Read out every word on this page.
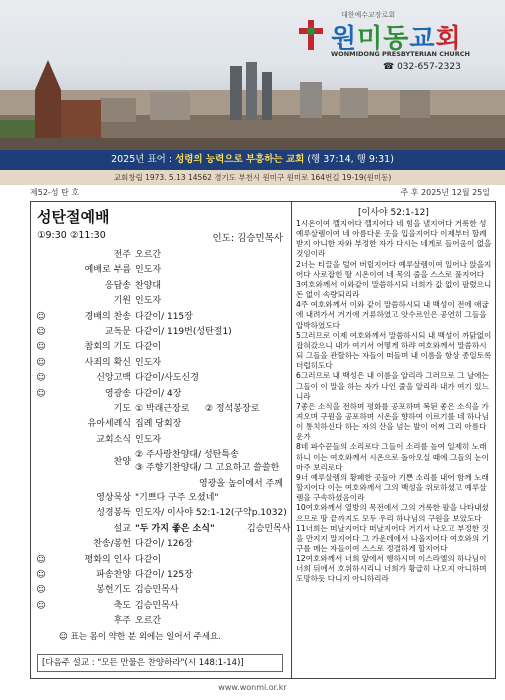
대한예수교장로회
원미동교회
WONMIDONG PRESBYTERIAN CHURCH
☎ 032-657-2323
2025년 표어 : 성령의 능력으로 부흥하는 교회 (행 37:14, 행 9:31)
교회창립 1973. 5.13 14562 경기도 부천시 원미구 원미로 164번길 19-19(원미동)
제52-성 탄 호	주 후 2025년 12월 25일
성탄절예배
①9:30 ②11:30	인도: 김승민목사
전주 오르간
예배로 부름 인도자
응답송 찬양대
기원 인도자
☺	경배의 찬송 다같이/ 115장
☺	교독문 다같이/ 119번(성탄절1)
☺	참회의 기도 다같이
☺	사죄의 확신 인도자
☺	신앙고백 다같이/사도신경
☺	영광송 다같이/ 4장
기도 ① 박래근장로 ② 정석봉장로
유아세례식 집례 당회장
교회소식 인도자
찬양
② 주사랑찬양대/ 성탄특송
③ 주향기찬양대/ 그 고요하고 쓸쓸한
영광을 높이에서 주께
영상묵상 "기쁘다 구주 오셨네"
성경봉독 인도자/ 이사야 52:1-12(구약p.1032)
설교 "두 가지 좋은 소식"	김승민목사
찬송/봉헌 다같이/ 126장
☺	평화의 인사 다같이
☺	파송찬양 다같이/ 125장
☺	봉헌기도 김승민목사
☺	축도 김승민목사
후주 오르간
☺ 표는 몸이 약한 분 외에는 일어서 주세요.
[다음주 설교 : "모든 만물은 찬양하라"(시 148:1-14)]
[이사야 52:1-12]

1시온이여 깰지어다 깰지어다 네 힘을 낼지어다 거룩한 성 예루살렘이여 네 아름다운 옷을 입을지어다 이제부터 할례 받지 아니한 자와 부정한 자가 다시는 네게로 들어옴이 없을 것임이라

2너는 티끌을 털어 버릴지어다 예루살렘이여 일어나 앉을지어다 사로잡힌 딸 시온이여 네 목의 줄을 스스로 풀지어다

3여호와께서 이와같이 말씀하시되 너희가 값 없이 팔렸으니 돈 없이 속량되리라

4주 여호와께서 이와 같이 말씀하시되 내 백성이 전에 애굽에 내려가서 거기에 거류하였고 앗수르인은 공연히 그들을 압박하였도다

5그러므로 이제 여호와께서 말씀하시되 내 백성이 까닭없이 잡혀갔으니 내가 여기서 어떻게 하랴 여호와께서 말씀하시되 그들을 관할하는 자들이 떠들며 내 이름을 항상 종일토록 더럽히도다

6그러므로 내 백성은 내 이름을 알리라 그러므로 그 날에는 그들이 이 말을 하는 자가 나인 줄을 알리라 내가 여기 있느니라

7좋은 소식을 전하며 평화를 공포하며 복된 좋은 소식을 가져오며 구원을 공포하며 시온을 향하여 이르기를 네 하나님이 통치하신다 하는 자의 산을 넘는 발이 어찌 그리 아름다운가

8네 파수꾼들의 소리로다 그들이 소리를 높여 일제히 노래하니 이는 여호와께서 시온으로 돌아오실 때에 그들의 눈이 마주 보리로다

9너 예루살렘의 황폐한 곳들아 기쁜 소리를 내어 함께 노래할지어다 이는 여호와께서 그의 백성을 위로하셨고 예루살렘을 구속하셨음이라

10여호와께서 열방의 목전에서 그의 거룩한 팔을 나타내셨으므로 땅 끝까지도 모두 우리 하나님의 구원을 보았도다

11너희는 떠날지어다 떠날지어다 거기서 나오고 부정한 것을 만지지 말지어다 그 가운데에서 나올지어다 여호와의 기구를 메는 자들이여 스스로 정결하게 할지어다

12여호와께서 너희 앞에서 행하시며 이스라엘의 하나님이 너희 뒤에서 호위하시리니 너희가 황급히 나오지 아니하며 도망하듯 다니지 아니하리라

www.wonmi.or.kr
